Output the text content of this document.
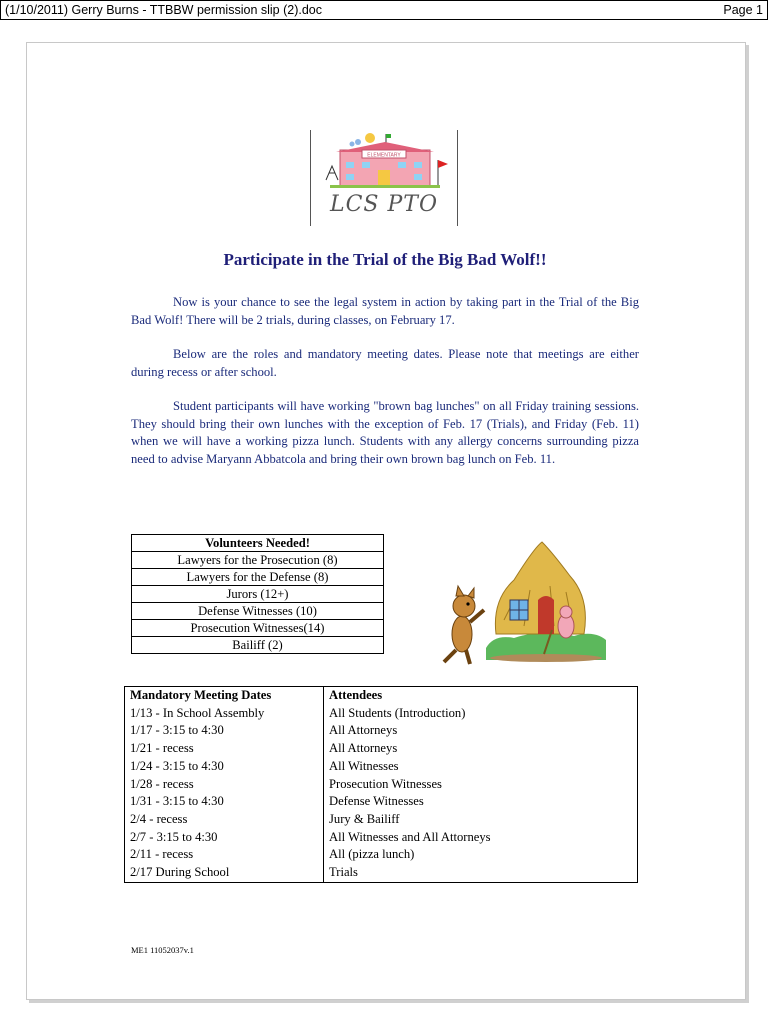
(1/10/2011) Gerry Burns - TTBBW permission slip (2).doc	Page 1
ELEMENTARY
LCS PTO
Participate in the Trial of the Big Bad Wolf!!
Now is your chance to see the legal system in action by taking part in the Trial of the Big Bad Wolf! There will be 2 trials, during classes, on February 17.
Below are the roles and mandatory meeting dates. Please note that meetings are either during recess or after school.
Student participants will have working "brown bag lunches" on all Friday training sessions. They should bring their own lunches with the exception of Feb. 17 (Trials), and Friday (Feb. 11) when we will have a working pizza lunch. Students with any allergy concerns surrounding pizza need to advise Maryann Abbatcola and bring their own brown bag lunch on Feb. 11.
Volunteers Needed!
Lawyers for the Prosecution (8)
Lawyers for the Defense (8)
Jurors (12+)
Defense Witnesses (10)
Prosecution Witnesses(14)
Bailiff (2)
Mandatory Meeting Dates	Attendees
1/13 - In School Assembly	All Students (Introduction)
1/17 - 3:15 to 4:30	All Attorneys
1/21 - recess	All Attorneys
1/24 - 3:15 to 4:30	All Witnesses
1/28 - recess	Prosecution Witnesses
1/31 - 3:15 to 4:30	Defense Witnesses
2/4 - recess	Jury & Bailiff
2/7 - 3:15 to 4:30	All Witnesses and All Attorneys
2/11 - recess	All (pizza lunch)
2/17 During School	Trials
ME1 11052037v.1
